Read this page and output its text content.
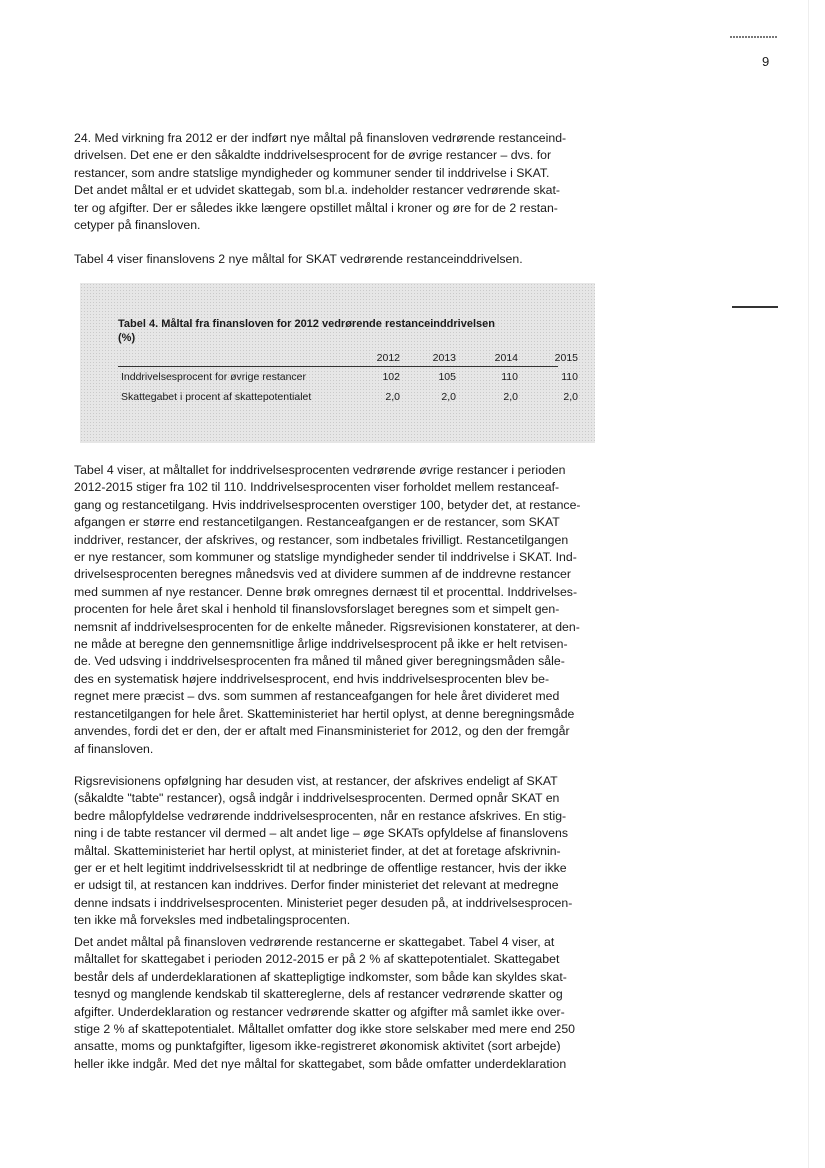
9

24. Med virkning fra 2012 er der indført nye måltal på finansloven vedrørende restanceind-
drivelsen. Det ene er den såkaldte inddrivelsesprocent for de øvrige restancer – dvs. for
restancer, som andre statslige myndigheder og kommuner sender til inddrivelse i SKAT.
Det andet måltal er et udvidet skattegab, som bl.a. indeholder restancer vedrørende skat-
ter og afgifter. Der er således ikke længere opstillet måltal i kroner og øre for de 2 restan-
cetyper på finansloven.

Tabel 4 viser finanslovens 2 nye måltal for SKAT vedrørende restanceinddrivelsen.

Tabel 4. Måltal fra finansloven for 2012 vedrørende restanceinddrivelsen
(%)
2012	2013	2014	2015
Inddrivelsesprocent for øvrige restancer	102	105	110	110
Skattegabet i procent af skattepotentialet	2,0	2,0	2,0	2,0

Tabel 4 viser, at måltallet for inddrivelsesprocenten vedrørende øvrige restancer i perioden
2012-2015 stiger fra 102 til 110. Inddrivelsesprocenten viser forholdet mellem restanceaf-
gang og restancetilgang. Hvis inddrivelsesprocenten overstiger 100, betyder det, at restance-
afgangen er større end restancetilgangen. Restanceafgangen er de restancer, som SKAT
inddriver, restancer, der afskrives, og restancer, som indbetales frivilligt. Restancetilgangen
er nye restancer, som kommuner og statslige myndigheder sender til inddrivelse i SKAT. Ind-
drivelsesprocenten beregnes månedsvis ved at dividere summen af de inddrevne restancer
med summen af nye restancer. Denne brøk omregnes dernæst til et procenttal. Inddrivelses-
procenten for hele året skal i henhold til finanslovsforslaget beregnes som et simpelt gen-
nemsnit af inddrivelsesprocenten for de enkelte måneder. Rigsrevisionen konstaterer, at den-
ne måde at beregne den gennemsnitlige årlige inddrivelsesprocent på ikke er helt retvisen-
de. Ved udsving i inddrivelsesprocenten fra måned til måned giver beregningsmåden såle-
des en systematisk højere inddrivelsesprocent, end hvis inddrivelsesprocenten blev be-
regnet mere præcist – dvs. som summen af restanceafgangen for hele året divideret med
restancetilgangen for hele året. Skatteministeriet har hertil oplyst, at denne beregningsmåde
anvendes, fordi det er den, der er aftalt med Finansministeriet for 2012, og den der fremgår
af finansloven.

Rigsrevisionens opfølgning har desuden vist, at restancer, der afskrives endeligt af SKAT
(såkaldte "tabte" restancer), også indgår i inddrivelsesprocenten. Dermed opnår SKAT en
bedre målopfyldelse vedrørende inddrivelsesprocenten, når en restance afskrives. En stig-
ning i de tabte restancer vil dermed – alt andet lige – øge SKATs opfyldelse af finanslovens
måltal. Skatteministeriet har hertil oplyst, at ministeriet finder, at det at foretage afskrivnin-
ger er et helt legitimt inddrivelsesskridt til at nedbringe de offentlige restancer, hvis der ikke
er udsigt til, at restancen kan inddrives. Derfor finder ministeriet det relevant at medregne
denne indsats i inddrivelsesprocenten. Ministeriet peger desuden på, at inddrivelsesprocen-
ten ikke må forveksles med indbetalingsprocenten.

Det andet måltal på finansloven vedrørende restancerne er skattegabet. Tabel 4 viser, at
måltallet for skattegabet i perioden 2012-2015 er på 2 % af skattepotentialet. Skattegabet
består dels af underdeklarationen af skattepligtige indkomster, som både kan skyldes skat-
tesnyd og manglende kendskab til skattereglerne, dels af restancer vedrørende skatter og
afgifter. Underdeklaration og restancer vedrørende skatter og afgifter må samlet ikke over-
stige 2 % af skattepotentialet. Måltallet omfatter dog ikke store selskaber med mere end 250
ansatte, moms og punktafgifter, ligesom ikke-registreret økonomisk aktivitet (sort arbejde)
heller ikke indgår. Med det nye måltal for skattegabet, som både omfatter underdeklaration
